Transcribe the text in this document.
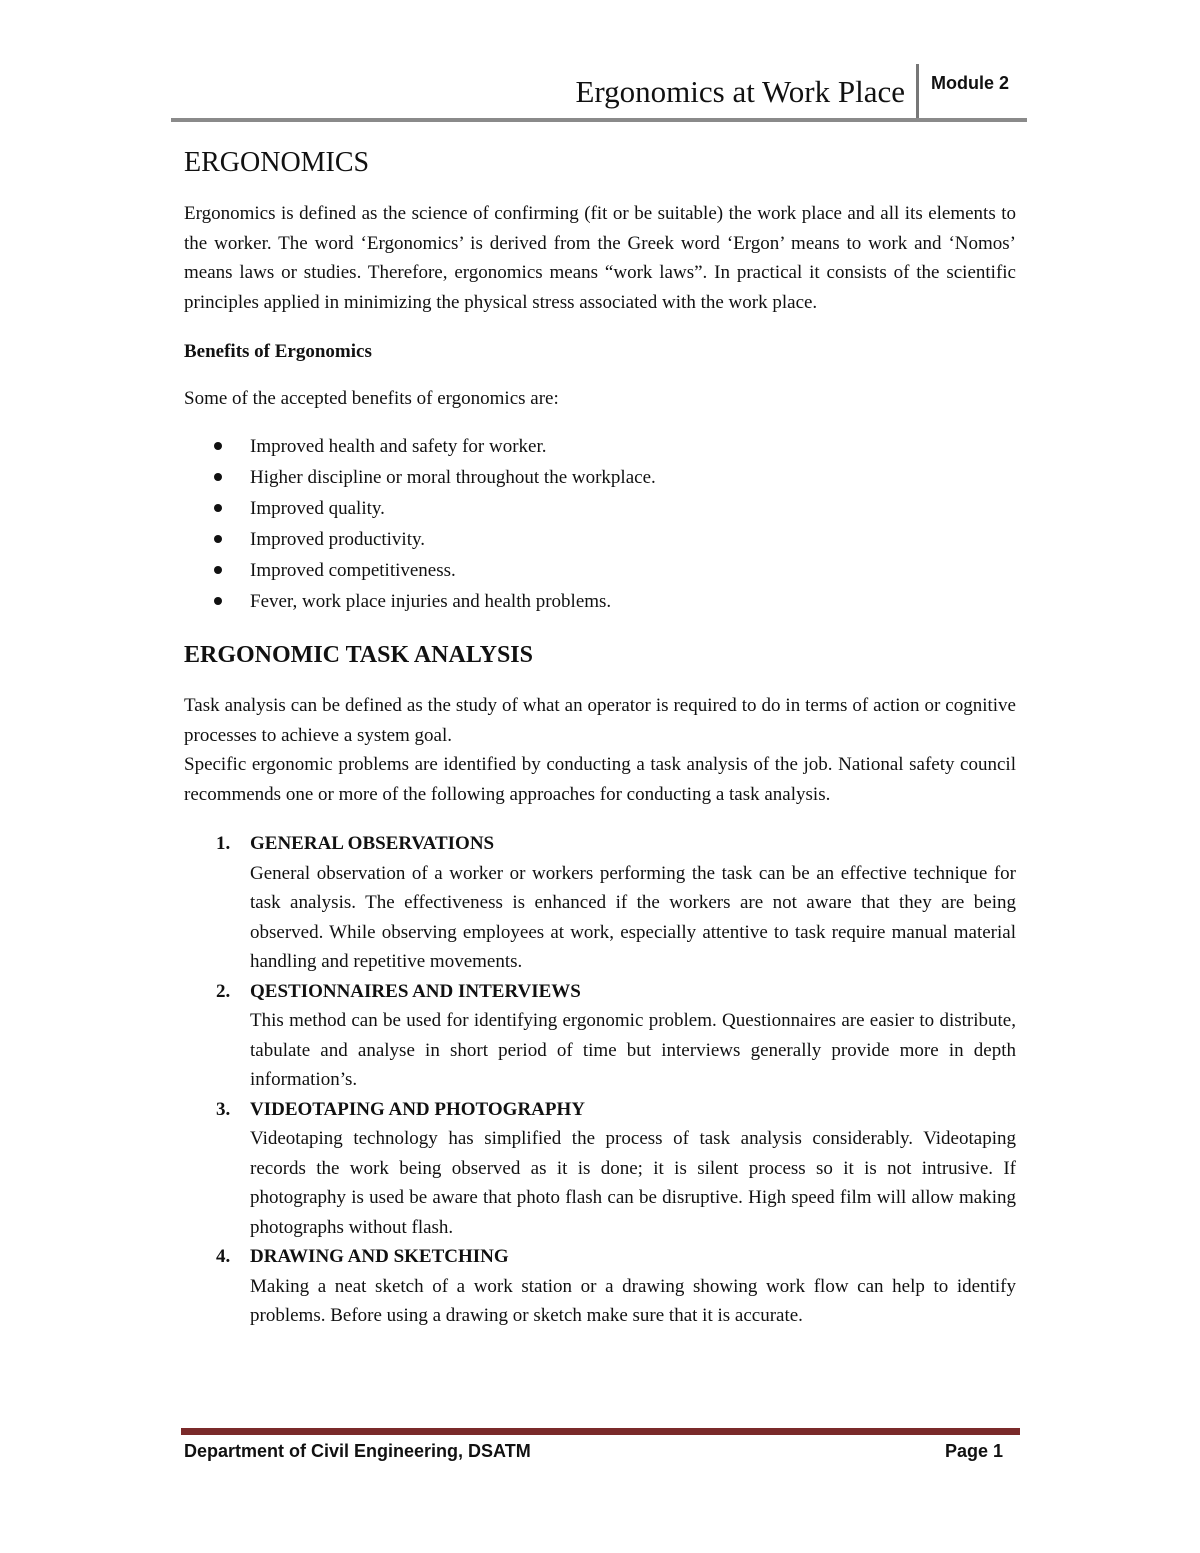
Ergonomics at Work Place Module 2
ERGONOMICS

Ergonomics is defined as the science of confirming (fit or be suitable) the work place and all its elements to the worker. The word ‘Ergonomics’ is derived from the Greek word ‘Ergon’ means to work and ‘Nomos’ means laws or studies. Therefore, ergonomics means “work laws”. In practical it consists of the scientific principles applied in minimizing the physical stress associated with the work place.

Benefits of Ergonomics
Some of the accepted benefits of ergonomics are:
Improved health and safety for worker.
Higher discipline or moral throughout the workplace.
Improved quality.
Improved productivity.
Improved competitiveness.
Fever, work place injuries and health problems.
ERGONOMIC TASK ANALYSIS

Task analysis can be defined as the study of what an operator is required to do in terms of action or cognitive processes to achieve a system goal.

Specific ergonomic problems are identified by conducting a task analysis of the job. National safety council recommends one or more of the following approaches for conducting a task analysis.

1. GENERAL OBSERVATIONS
General observation of a worker or workers performing the task can be an effective technique for task analysis. The effectiveness is enhanced if the workers are not aware that they are being observed. While observing employees at work, especially attentive to task require manual material handling and repetitive movements.
2. QESTIONNAIRES AND INTERVIEWS
This method can be used for identifying ergonomic problem. Questionnaires are easier to distribute, tabulate and analyse in short period of time but interviews generally provide more in depth information’s.
3. VIDEOTAPING AND PHOTOGRAPHY
Videotaping technology has simplified the process of task analysis considerably. Videotaping records the work being observed as it is done; it is silent process so it is not intrusive. If photography is used be aware that photo flash can be disruptive. High speed film will allow making photographs without flash.
4. DRAWING AND SKETCHING
Making a neat sketch of a work station or a drawing showing work flow can help to identify problems. Before using a drawing or sketch make sure that it is accurate.
Department of Civil Engineering, DSATM	Page 1
